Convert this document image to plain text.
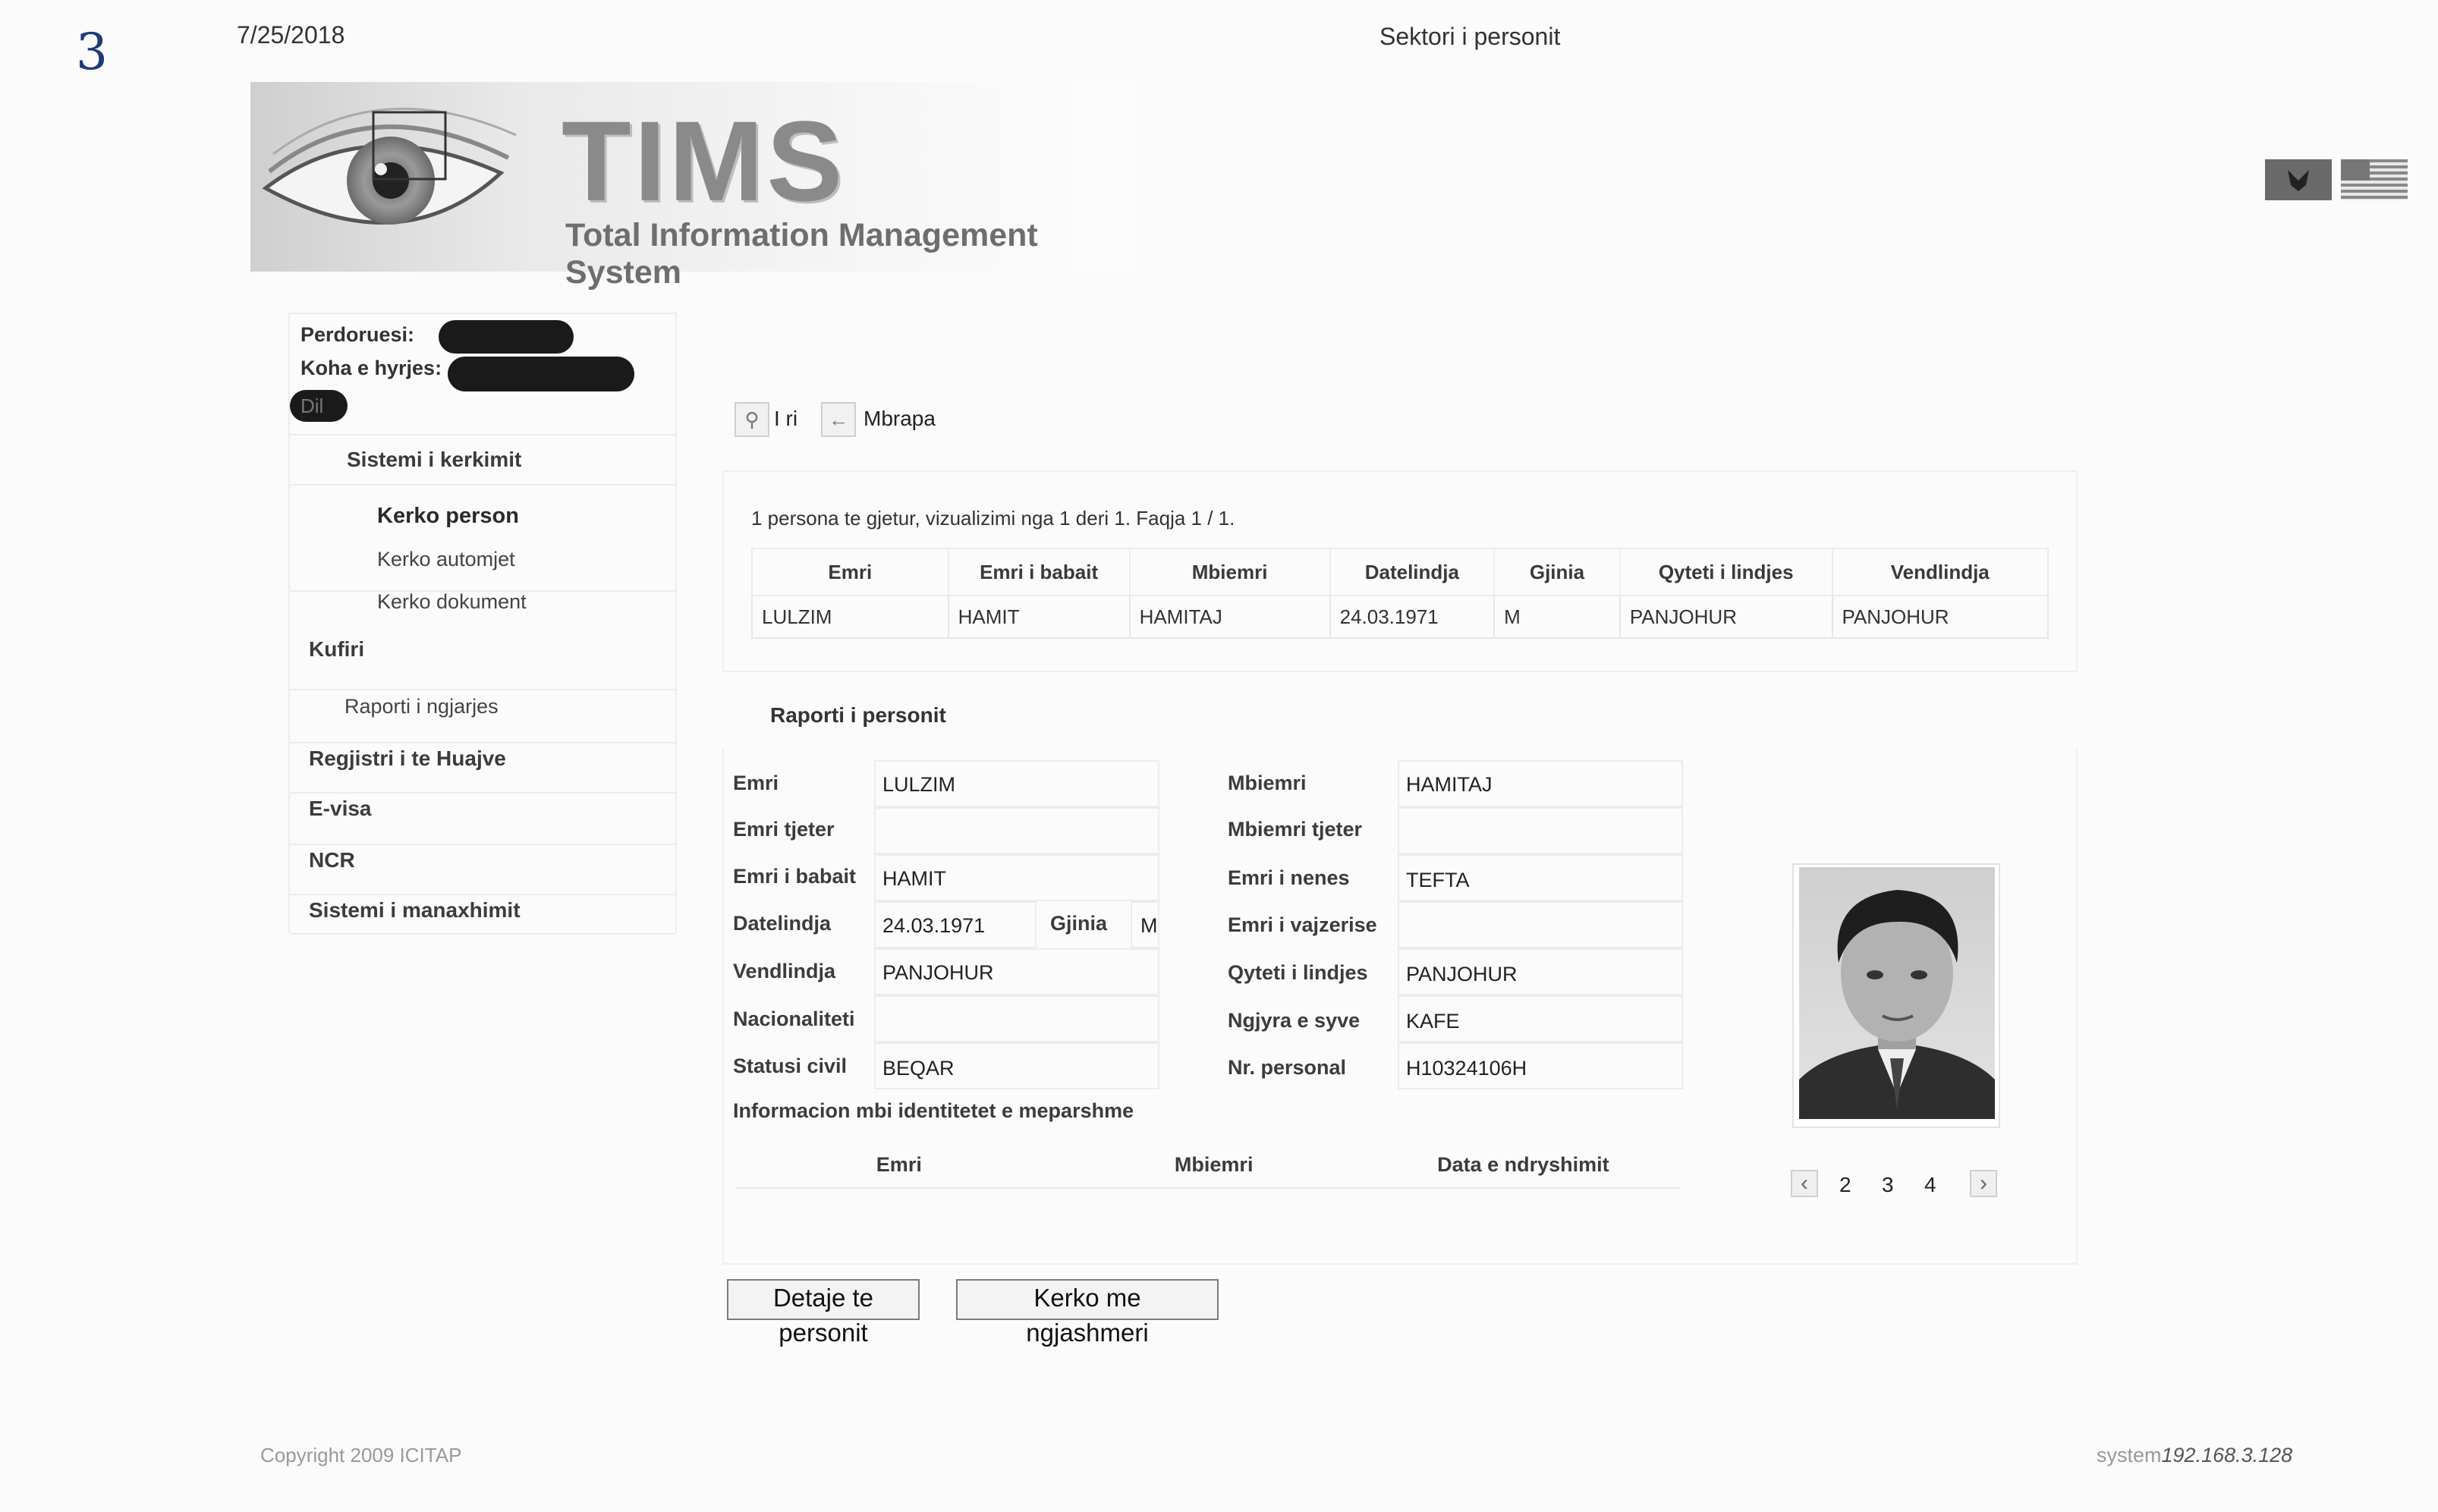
3	7/25/2018	Sektori i personit
TIMS
Total Information Management System
Perdoruesi:
Koha e hyrjes:
Dil
Sistemi i kerkimit
Kerko person
Kerko automjet
Kerko dokument
Kufiri
Raporti i ngjarjes
Regjistri i te Huajve
E-visa
NCR
Sistemi i manaxhimit
⚲ I ri	← Mbrapa
1 persona te gjetur, vizualizimi nga 1 deri 1. Faqja 1 / 1.
Emri	Emri i babait	Mbiemri	Datelindja	Gjinia	Qyteti i lindjes	Vendlindja
LULZIM	HAMIT	HAMITAJ	24.03.1971	M	PANJOHUR	PANJOHUR
Raporti i personit
Emri	LULZIM
Emri tjeter
Emri i babait HAMIT
Datelindja	24.03.1971	Gjinia M
Vendlindja PANJOHUR
Nacionaliteti
Statusi civil BEQAR
Mbiemri	HAMITAJ
Mbiemri tjeter
Emri i nenes	TEFTA
Emri i vajzerise
Qyteti i lindjes PANJOHUR
Ngjyra e syve KAFE
Nr. personal	H10324106H
Informacion mbi identitetet e meparshme
Emri	Mbiemri	Data e ndryshimit

‹	2 3 4	›
Detaje te personit
Kerko me ngjashmeri
Copyright 2009 ICITAP	system192.168.3.128
